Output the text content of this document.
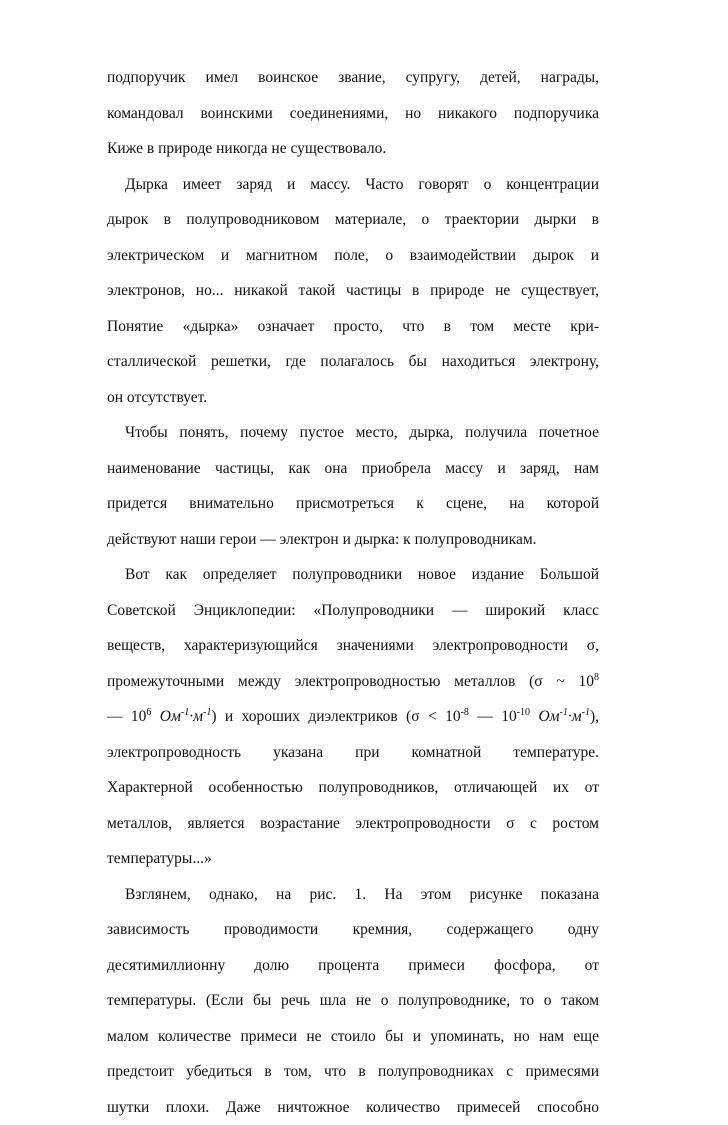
подпоручик имел воинское звание, супругу, детей, награды,
командовал воинскими соединениями, но никакого подпоручика
Киже в природе никогда не существовало.
Дырка имеет заряд и массу. Часто говорят о концентрации
дырок в полупроводниковом материале, о траектории дырки в
электрическом и магнитном поле, о взаимодействии дырок и
электронов, но... никакой такой частицы в природе не существует,
Понятие «дырка» означает просто, что в том месте кри-
сталлической решетки, где полагалось бы находиться электрону,
он отсутствует.
Чтобы понять, почему пустое место, дырка, получила почетное
наименование частицы, как она приобрела массу и заряд, нам
придется внимательно присмотреться к сцене, на которой
действуют наши герои — электрон и дырка: к полупроводникам.
Вот как определяет полупроводники новое издание Большой
Советской Энциклопедии: «Полупроводники — широкий класс
веществ, характеризующийся значениями электропроводности σ,
промежуточными между электропроводностью металлов (σ ~ $10^8$
— $10^6$ $Ом^{-1}\cdot м^{-1}$) и хороших диэлектриков ($\sigma < 10^{-8}$ — $10^{-10}$ $Ом^{-1}\cdot м^{-1}$),
электропроводность указана при комнатной температуре.
Характерной особенностью полупроводников, отличающей их от
металлов, является возрастание электропроводности σ с ростом
температуры...»
Взглянем, однако, на рис. 1. На этом рисунке показана
зависимость проводимости кремния, содержащего одну
десятимиллионну долю процента примеси фосфора, от
температуры. (Если бы речь шла не о полупроводнике, то о таком
малом количестве примеси не стоило бы и упоминать, но нам еще
предстоит убедиться в том, что в полупроводниках с примесями
шутки плохи. Даже ничтожное количество примесей способно
